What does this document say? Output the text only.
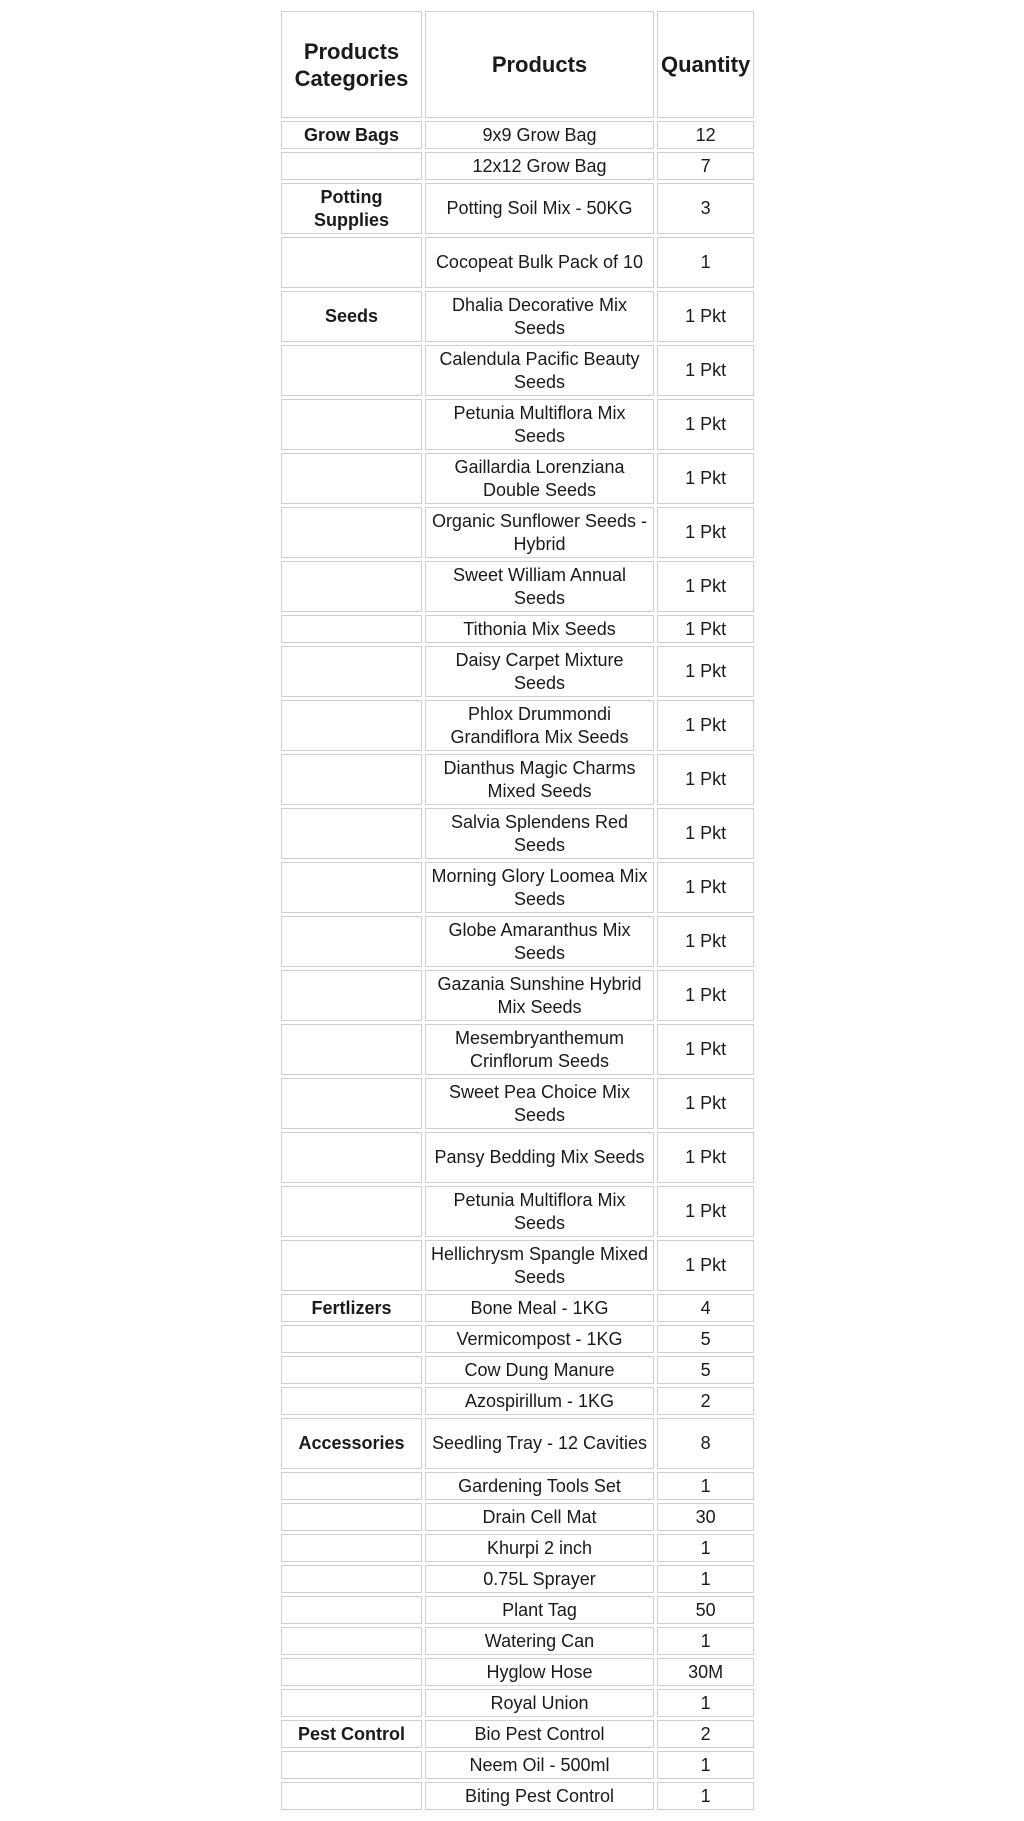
Products Categories	Products	Quantity
Grow Bags	9x9 Grow Bag	12
	12x12 Grow Bag	7
Potting Supplies	Potting Soil Mix - 50KG	3
	Cocopeat Bulk Pack of 10	1
Seeds	Dhalia Decorative Mix Seeds	1 Pkt
	Calendula Pacific Beauty Seeds	1 Pkt
	Petunia Multiflora Mix Seeds	1 Pkt
	Gaillardia Lorenziana Double Seeds	1 Pkt
	Organic Sunflower Seeds - Hybrid	1 Pkt
	Sweet William Annual Seeds	1 Pkt
	Tithonia Mix Seeds	1 Pkt
	Daisy Carpet Mixture Seeds	1 Pkt
	Phlox Drummondi Grandiflora Mix Seeds	1 Pkt
	Dianthus Magic Charms Mixed Seeds	1 Pkt
	Salvia Splendens Red Seeds	1 Pkt
	Morning Glory Loomea Mix Seeds	1 Pkt
	Globe Amaranthus Mix Seeds	1 Pkt
	Gazania Sunshine Hybrid Mix Seeds	1 Pkt
	Mesembryanthemum Crinflorum Seeds	1 Pkt
	Sweet Pea Choice Mix Seeds	1 Pkt
	Pansy Bedding Mix Seeds	1 Pkt
	Petunia Multiflora Mix Seeds	1 Pkt
	Hellichrysm Spangle Mixed Seeds	1 Pkt
Fertlizers	Bone Meal - 1KG	4
	Vermicompost - 1KG	5
	Cow Dung Manure	5
	Azospirillum - 1KG	2
Accessories	Seedling Tray - 12 Cavities	8
	Gardening Tools Set	1
	Drain Cell Mat	30
	Khurpi 2 inch	1
	0.75L Sprayer	1
	Plant Tag	50
	Watering Can	1
	Hyglow Hose	30M
	Royal Union	1
Pest Control	Bio Pest Control	2
	Neem Oil - 500ml	1
	Biting Pest Control	1
